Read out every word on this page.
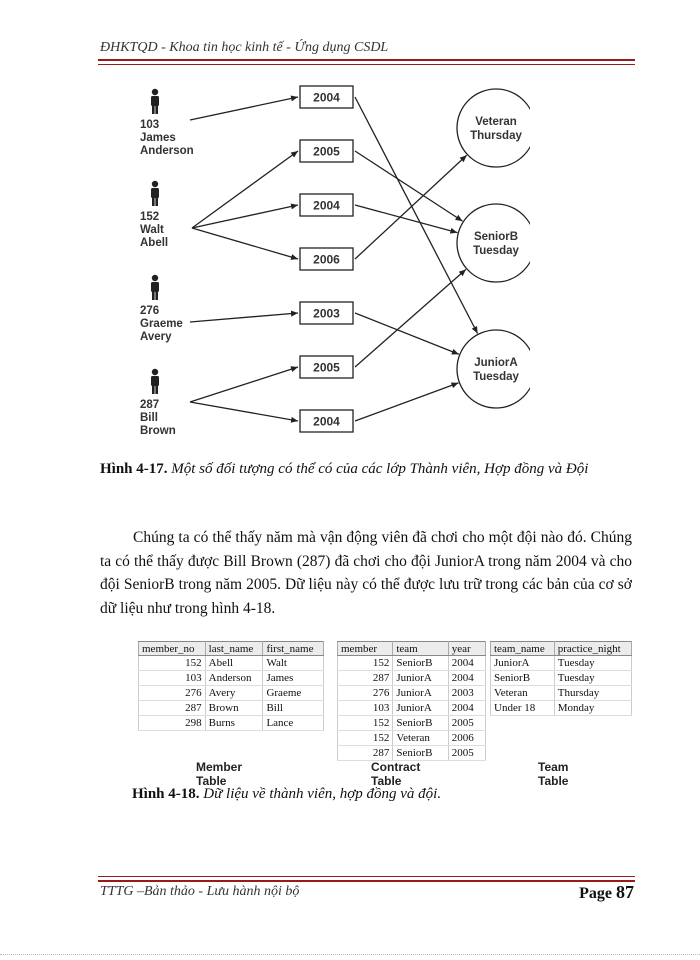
ĐHKTQD - Khoa tin học kinh tế - Ứng dụng CSDL
103
James
Anderson
152
Walt
Abell
276
Graeme
Avery
287
Bill
Brown
2004
2005
2004
2006
2003
2005
2004
Veteran
Thursday
SeniorB
Tuesday
JuniorA
Tuesday
Hình 4-17. Một số đối tượng có thể có của các lớp Thành viên, Hợp đồng và Đội

Chúng ta có thể thấy năm mà vận động viên đã chơi cho một đội nào đó. Chúng ta có thể thấy được Bill Brown (287) đã chơi cho đội JuniorA trong năm 2004 và cho đội SeniorB trong năm 2005. Dữ liệu này có thể được lưu trữ trong các bản của cơ sở dữ liệu như trong hình 4-18.

member_no	last_name	first_name
152	Abell	Walt
103	Anderson	James
276	Avery	Graeme
287	Brown	Bill
298	Burns	Lance
Member Table
member	team	year
152	SeniorB	2004
287	JuniorA	2004
276	JuniorA	2003
103	JuniorA	2004
152	SeniorB	2005
152	Veteran	2006
287	SeniorB	2005
Contract Table
team_name	practice_night
JuniorA	Tuesday
SeniorB	Tuesday
Veteran	Thursday
Under 18	Monday
Team Table
Hình 4-18. Dữ liệu về thành viên, hợp đồng và đội.
TTTG –Bản thảo - Lưu hành nội bộ	Page 87
